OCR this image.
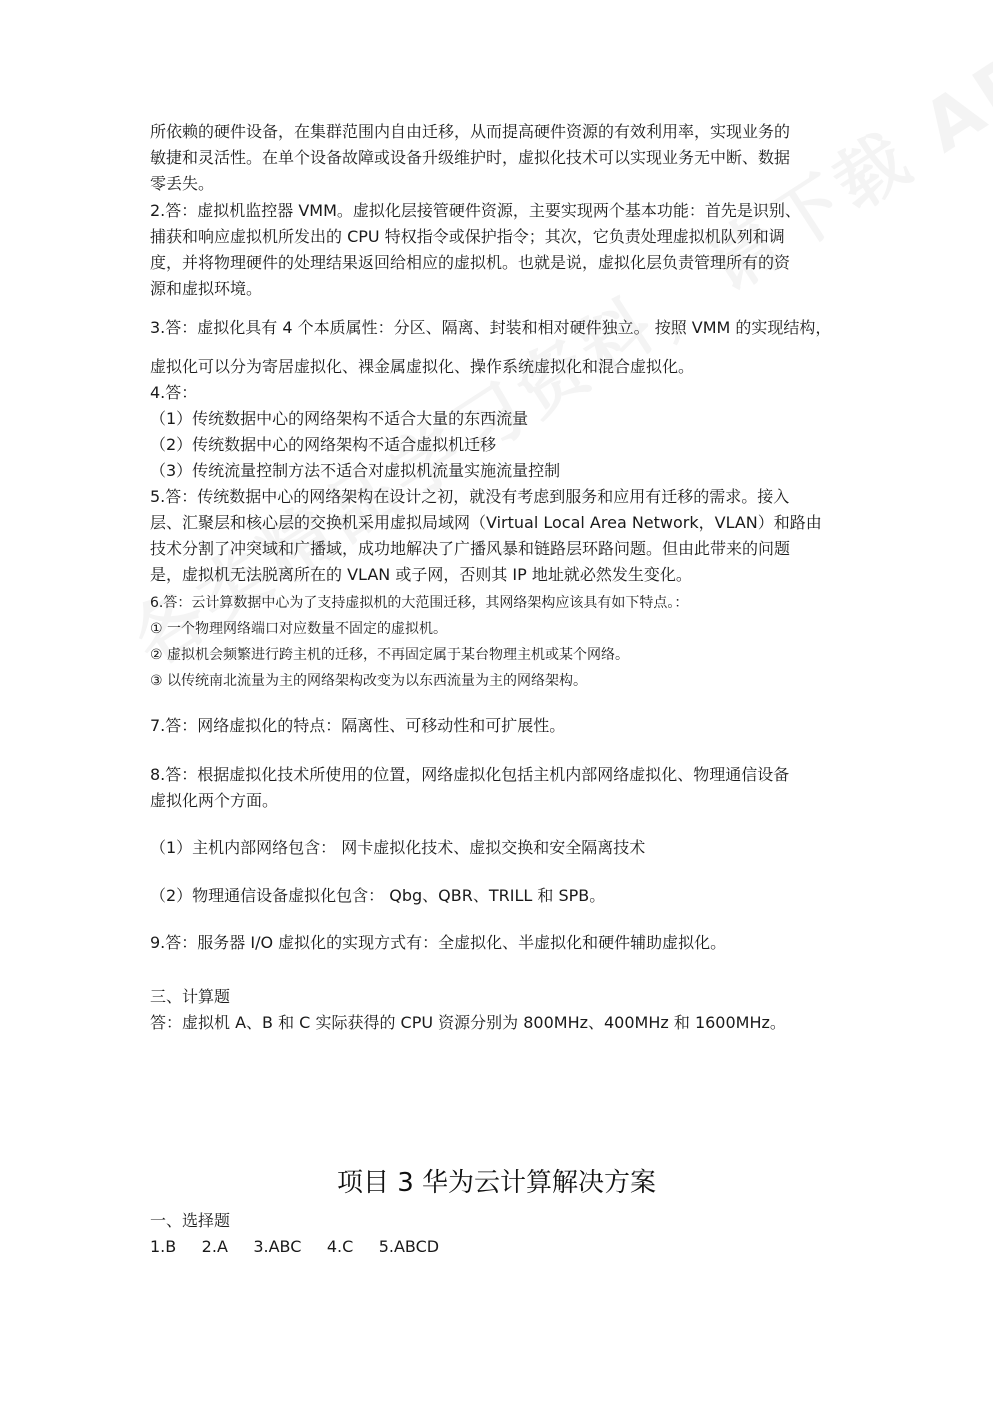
所依赖的硬件设备，在集群范围内自由迁移，从而提高硬件资源的有效利用率，实现业务的
敏捷和灵活性。在单个设备故障或设备升级维护时，虚拟化技术可以实现业务无中断、数据
零丢失。
2.答：虚拟机监控器 VMM。虚拟化层接管硬件资源，主要实现两个基本功能：首先是识别、
捕获和响应虚拟机所发出的 CPU 特权指令或保护指令；其次，它负责处理虚拟机队列和调
度，并将物理硬件的处理结果返回给相应的虚拟机。也就是说，虚拟化层负责管理所有的资
源和虚拟环境。
3.答：虚拟化具有 4 个本质属性：分区、隔离、封装和相对硬件独立。 按照 VMM 的实现结构，
虚拟化可以分为寄居虚拟化、裸金属虚拟化、操作系统虚拟化和混合虚拟化。
4.答：
（1）传统数据中心的网络架构不适合大量的东西流量
（2）传统数据中心的网络架构不适合虚拟机迁移
（3）传统流量控制方法不适合对虚拟机流量实施流量控制
5.答：传统数据中心的网络架构在设计之初，就没有考虑到服务和应用有迁移的需求。接入
层、汇聚层和核心层的交换机采用虚拟局域网（Virtual Local Area Network，VLAN）和路由
技术分割了冲突域和广播域，成功地解决了广播风暴和链路层环路问题。但由此带来的问题
是，虚拟机无法脱离所在的 VLAN 或子网，否则其 IP 地址就必然发生变化。
6.答：云计算数据中心为了支持虚拟机的大范围迁移，其网络架构应该具有如下特点。：
① 一个物理网络端口对应数量不固定的虚拟机。
② 虚拟机会频繁进行跨主机的迁移，不再固定属于某台物理主机或某个网络。
③ 以传统南北流量为主的网络架构改变为以东西流量为主的网络架构。
7.答：网络虚拟化的特点：隔离性、可移动性和可扩展性。
8.答：根据虚拟化技术所使用的位置，网络虚拟化包括主机内部网络虚拟化、物理通信设备
虚拟化两个方面。
（1）主机内部网络包含： 网卡虚拟化技术、虚拟交换和安全隔离技术
（2）物理通信设备虚拟化包含： Qbg、QBR、TRILL 和 SPB。
9.答：服务器 I/O 虚拟化的实现方式有：全虚拟化、半虚拟化和硬件辅助虚拟化。
三、计算题
答：虚拟机 A、B 和 C 实际获得的 CPU 资源分别为 800MHz、400MHz 和 1600MHz。
项目 3 华为云计算解决方案
一、选择题
1.B     2.A     3.ABC     4.C     5.ABCD
